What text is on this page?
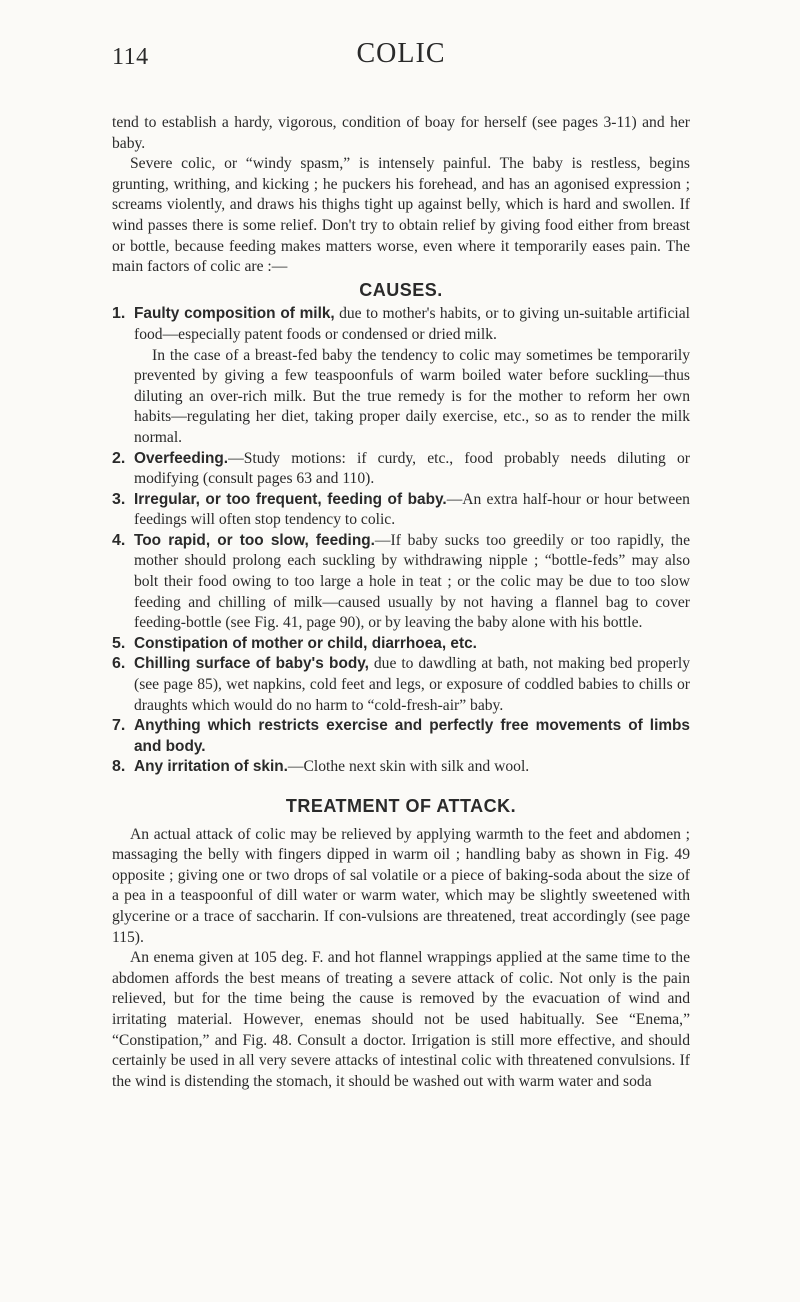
114	COLIC

tend to establish a hardy, vigorous, condition of boay for herself (see pages 3-11) and her baby.

Severe colic, or “windy spasm,” is intensely painful. The baby is restless, begins grunting, writhing, and kicking ; he puckers his forehead, and has an agonised expression ; screams violently, and draws his thighs tight up against belly, which is hard and swollen. If wind passes there is some relief. Don't try to obtain relief by giving food either from breast or bottle, because feeding makes matters worse, even where it temporarily eases pain. The main factors of colic are :—

CAUSES.
1. Faulty composition of milk, due to mother's habits, or to giving un-suitable artificial food—especially patent foods or condensed or dried milk.

In the case of a breast-fed baby the tendency to colic may sometimes be temporarily prevented by giving a few teaspoonfuls of warm boiled water before suckling—thus diluting an over-rich milk. But the true remedy is for the mother to reform her own habits—regulating her diet, taking proper daily exercise, etc., so as to render the milk normal.

2. Overfeeding.—Study motions: if curdy, etc., food probably needs diluting or modifying (consult pages 63 and 110).

3. Irregular, or too frequent, feeding of baby.—An extra half-hour or hour between feedings will often stop tendency to colic.

4. Too rapid, or too slow, feeding.—If baby sucks too greedily or too rapidly, the mother should prolong each suckling by withdrawing nipple ; “bottle-feds” may also bolt their food owing to too large a hole in teat ; or the colic may be due to too slow feeding and chilling of milk—caused usually by not having a flannel bag to cover feeding-bottle (see Fig. 41, page 90), or by leaving the baby alone with his bottle.

5. Constipation of mother or child, diarrhoea, etc.

6. Chilling surface of baby's body, due to dawdling at bath, not making bed properly (see page 85), wet napkins, cold feet and legs, or exposure of coddled babies to chills or draughts which would do no harm to “cold-fresh-air” baby.

7. Anything which restricts exercise and perfectly free movements of limbs and body.

8. Any irritation of skin.—Clothe next skin with silk and wool.

TREATMENT OF ATTACK.

An actual attack of colic may be relieved by applying warmth to the feet and abdomen ; massaging the belly with fingers dipped in warm oil ; handling baby as shown in Fig. 49 opposite ; giving one or two drops of sal volatile or a piece of baking-soda about the size of a pea in a teaspoonful of dill water or warm water, which may be slightly sweetened with glycerine or a trace of saccharin. If con-vulsions are threatened, treat accordingly (see page 115).

An enema given at 105 deg. F. and hot flannel wrappings applied at the same time to the abdomen affords the best means of treating a severe attack of colic. Not only is the pain relieved, but for the time being the cause is removed by the evacuation of wind and irritating material. However, enemas should not be used habitually. See “Enema,” “Constipation,” and Fig. 48. Consult a doctor. Irrigation is still more effective, and should certainly be used in all very severe attacks of intestinal colic with threatened convulsions. If the wind is distending the stomach, it should be washed out with warm water and soda
